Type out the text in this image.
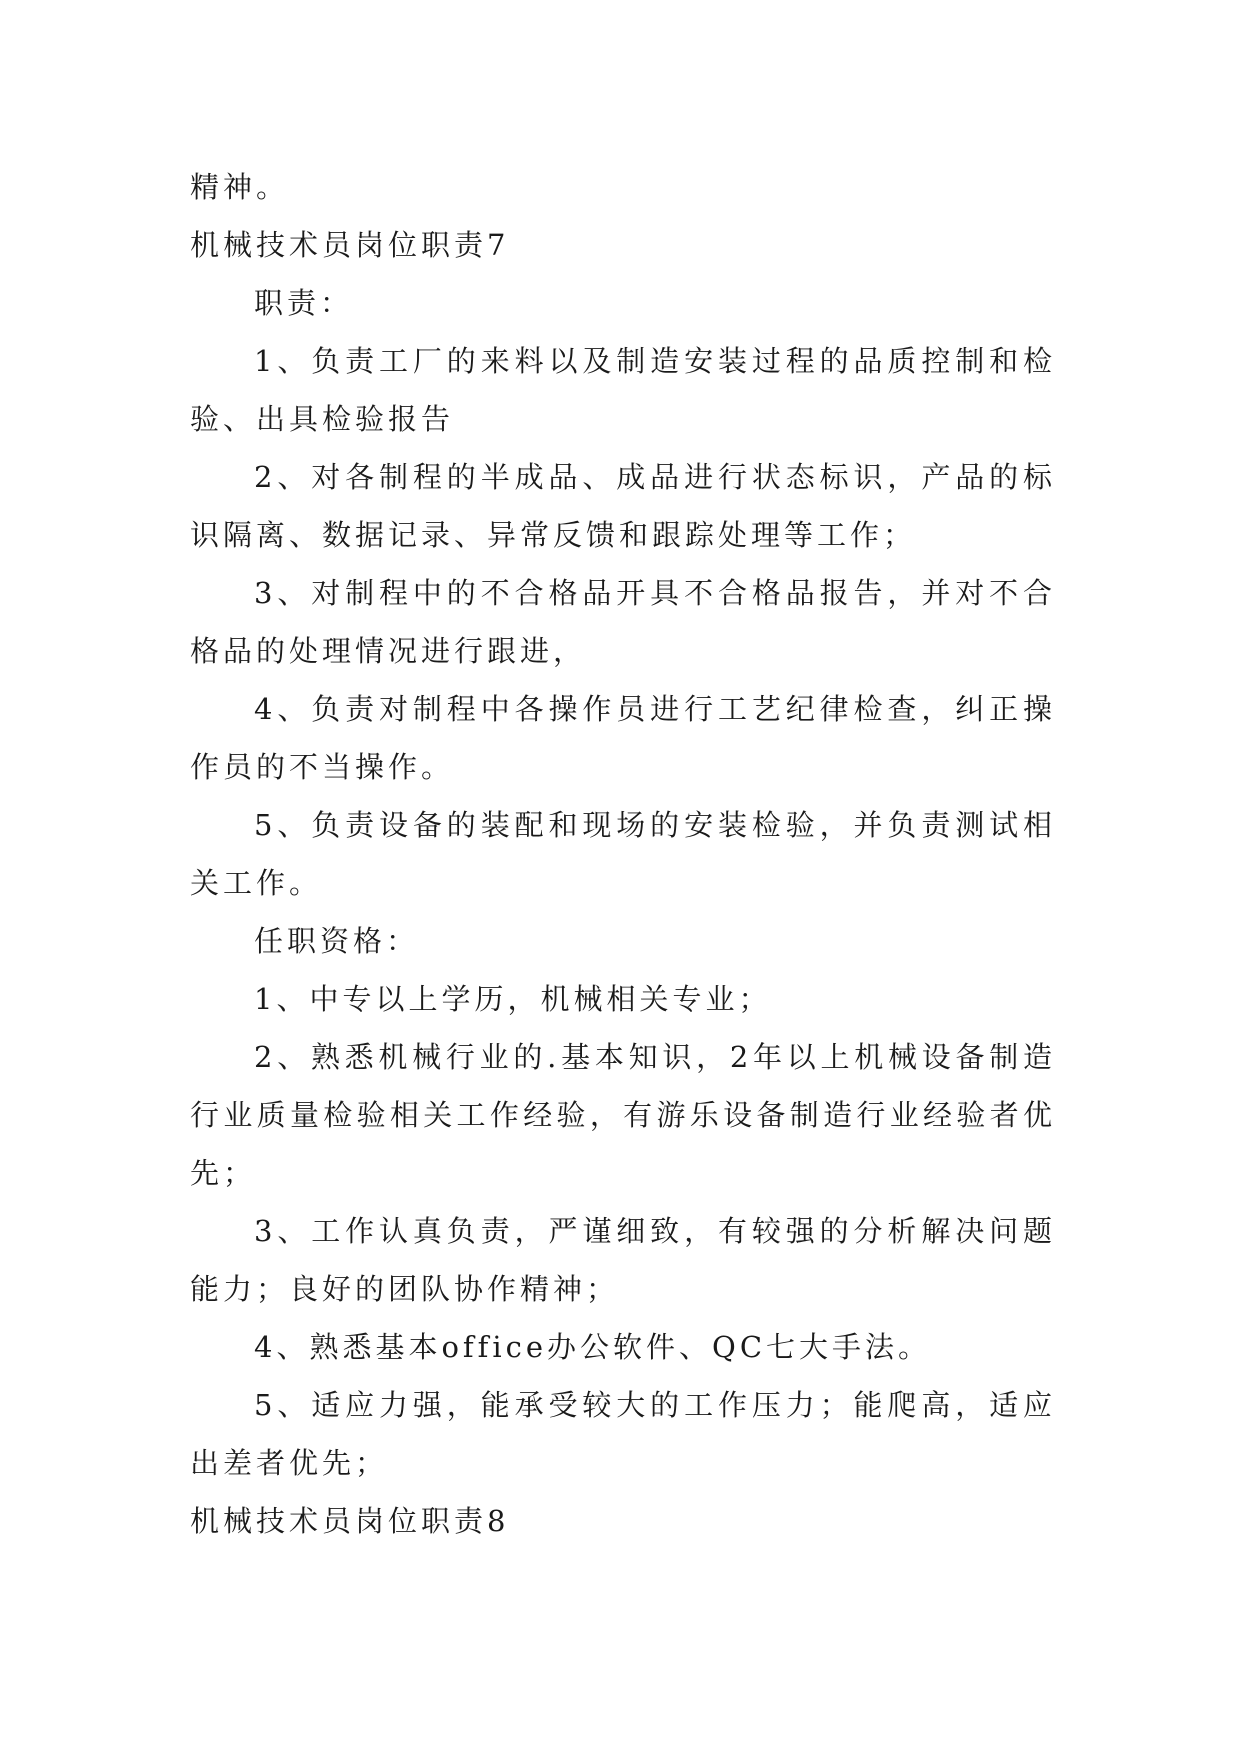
精神。

机械技术员岗位职责7

职责：

1、负责工厂的来料以及制造安装过程的品质控制和检验、出具检验报告

2、对各制程的半成品、成品进行状态标识，产品的标识隔离、数据记录、异常反馈和跟踪处理等工作；

3、对制程中的不合格品开具不合格品报告，并对不合格品的处理情况进行跟进，

4、负责对制程中各操作员进行工艺纪律检查，纠正操作员的不当操作。

5、负责设备的装配和现场的安装检验，并负责测试相关工作。

任职资格：

1、中专以上学历，机械相关专业；

2、熟悉机械行业的.基本知识，2年以上机械设备制造行业质量检验相关工作经验，有游乐设备制造行业经验者优先；

3、工作认真负责，严谨细致，有较强的分析解决问题能力；良好的团队协作精神；

4、熟悉基本office办公软件、QC七大手法。

5、适应力强，能承受较大的工作压力；能爬高，适应出差者优先；

机械技术员岗位职责8
